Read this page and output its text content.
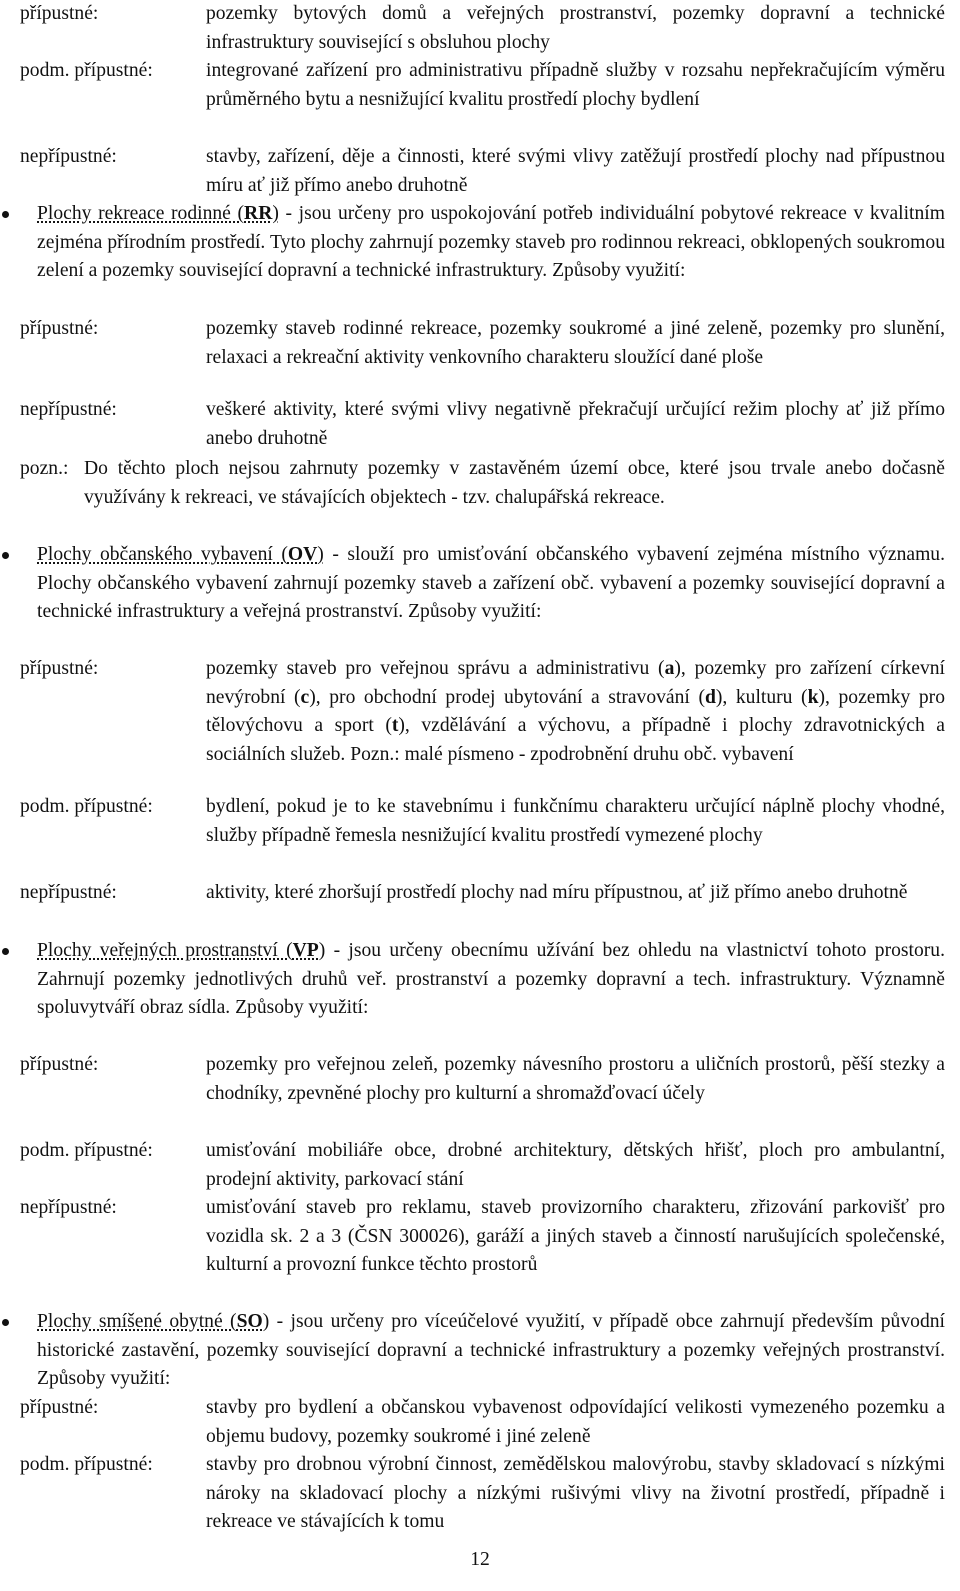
přípustné:	pozemky bytových domů a veřejných prostranství, pozemky dopravní a technické infrastruktury související s obsluhou plochy
podm. přípustné:	integrované zařízení pro administrativu případně služby v rozsahu nepřekračujícím výměru průměrného bytu a nesnižující kvalitu prostředí plochy bydlení
nepřípustné:	stavby, zařízení, děje a činnosti, které svými vlivy zatěžují prostředí plochy nad přípustnou míru ať již přímo anebo druhotně
Plochy rekreace rodinné (RR) - jsou určeny pro uspokojování potřeb individuální pobytové rekreace v kvalitním zejména přírodním prostředí. Tyto plochy zahrnují pozemky staveb pro rodinnou rekreaci, obklopených soukromou zelení a pozemky související dopravní a technické infrastruktury. Způsoby využití:
přípustné:	pozemky staveb rodinné rekreace, pozemky soukromé a jiné zeleně, pozemky pro slunění, relaxaci a rekreační aktivity venkovního charakteru sloužící dané ploše
nepřípustné:	veškeré aktivity, které svými vlivy negativně překračují určující režim plochy ať již přímo anebo druhotně
pozn.: Do těchto ploch nejsou zahrnuty pozemky v zastavěném území obce, které jsou trvale anebo dočasně využívány k rekreaci, ve stávajících objektech - tzv. chalupářská rekreace.
Plochy občanského vybavení (OV) - slouží pro umisťování občanského vybavení zejména místního významu. Plochy občanského vybavení zahrnují pozemky staveb a zařízení obč. vybavení a pozemky související dopravní a technické infrastruktury a veřejná prostranství. Způsoby využití:
přípustné:	pozemky staveb pro veřejnou správu a administrativu (a), pozemky pro zařízení církevní nevýrobní (c), pro obchodní prodej ubytování a stravování (d), kulturu (k), pozemky pro tělovýchovu a sport (t), vzdělávání a výchovu, a případně i plochy zdravotnických a sociálních služeb. Pozn.: malé písmeno - zpodrobnění druhu obč. vybavení
podm. přípustné:	bydlení, pokud je to ke stavebnímu i funkčnímu charakteru určující náplně plochy vhodné, služby případně řemesla nesnižující kvalitu prostředí vymezené plochy
nepřípustné:	aktivity, které zhoršují prostředí plochy nad míru přípustnou, ať již přímo anebo druhotně
Plochy veřejných prostranství (VP) - jsou určeny obecnímu užívání bez ohledu na vlastnictví tohoto prostoru. Zahrnují pozemky jednotlivých druhů veř. prostranství a pozemky dopravní a tech. infrastruktury. Významně spoluvytváří obraz sídla. Způsoby využití:
přípustné:	pozemky pro veřejnou zeleň, pozemky návesního prostoru a uličních prostorů, pěší stezky a chodníky, zpevněné plochy pro kulturní a shromažďovací účely
podm. přípustné:	umisťování mobiliáře obce, drobné architektury, dětských hřišť, ploch pro ambulantní, prodejní aktivity, parkovací stání
nepřípustné:	umisťování staveb pro reklamu, staveb provizorního charakteru, zřizování parkovišť pro vozidla sk. 2 a 3 (ČSN 300026), garáží a jiných staveb a činností narušujících společenské, kulturní a provozní funkce těchto prostorů
Plochy smíšené obytné (SO) - jsou určeny pro víceúčelové využití, v případě obce zahrnují především původní historické zastavění, pozemky související dopravní a technické infrastruktury a pozemky veřejných prostranství. Způsoby využití:
přípustné:	stavby pro bydlení a občanskou vybavenost odpovídající velikosti vymezeného pozemku a objemu budovy, pozemky soukromé i jiné zeleně
podm. přípustné:	stavby pro drobnou výrobní činnost, zemědělskou malovýrobu, stavby skladovací s nízkými nároky na skladovací plochy a nízkými rušivými vlivy na životní prostředí, případně i rekreace ve stávajících k tomu
12
